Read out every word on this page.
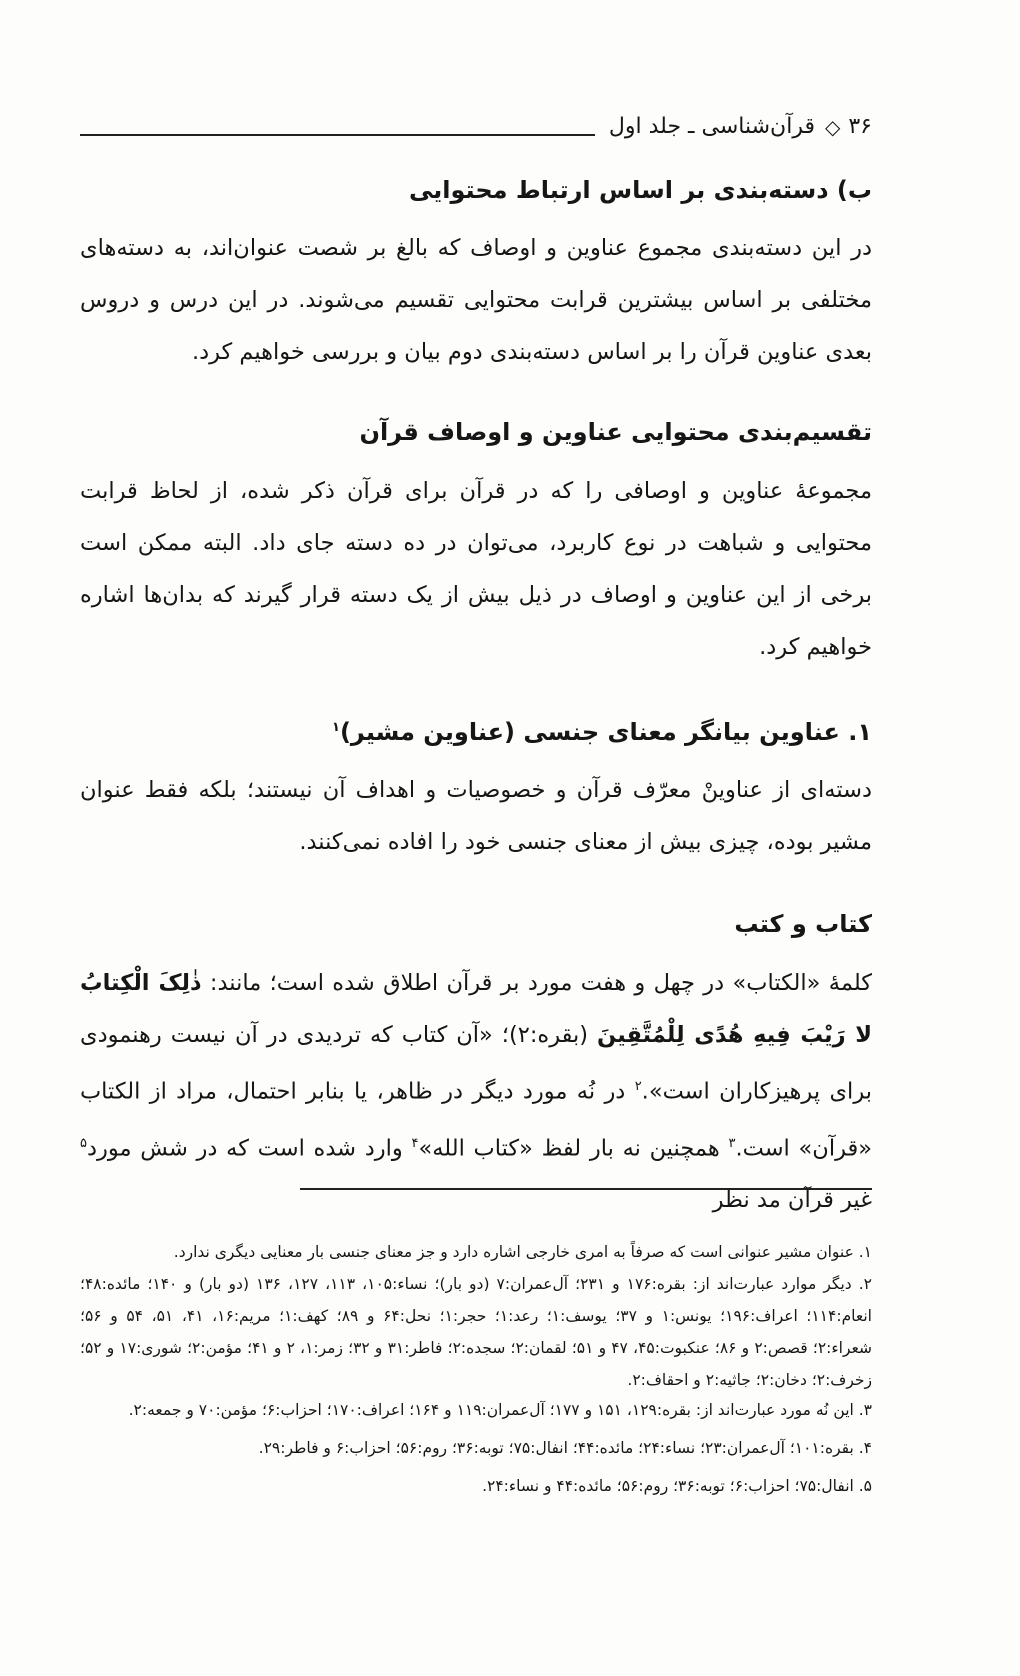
۳۶
◇
قرآن‌شناسی ـ جلد اول
ب) دسته‌بندی بر اساس ارتباط محتوایی
در این دسته‌بندی مجموع عناوین و اوصاف که بالغ بر شصت عنوان‌اند، به دسته‌های مختلفی بر اساس بیشترین قرابت محتوایی تقسیم می‌شوند. در این درس و دروس بعدی عناوین قرآن را بر اساس دسته‌بندی دوم بیان و بررسی خواهیم کرد.
تقسیم‌بندی محتوایی عناوین و اوصاف قرآن
مجموعهٔ عناوین و اوصافی را که در قرآن برای قرآن ذکر شده، از لحاظ قرابت محتوایی و شباهت در نوع کاربرد، می‌توان در ده دسته جای داد. البته ممکن است برخی از این عناوین و اوصاف در ذیل بیش از یک دسته قرار گیرند که بدان‌ها اشاره خواهیم کرد.
۱. عناوین بیانگر معنای جنسی (عناوین مشیر)$^۱$
دسته‌ای از عناوینْ معرّف قرآن و خصوصیات و اهداف آن نیستند؛ بلکه فقط عنوان مشیر بوده، چیزی بیش از معنای جنسی خود را افاده نمی‌کنند.
کتاب و کتب
کلمهٔ «الکتاب» در چهل و هفت مورد بر قرآن اطلاق شده است؛ مانند: ذٰلِکَ الْکِتابُ لا رَیْبَ فِیهِ هُدًی لِلْمُتَّقِینَ (بقره:۲)؛ «آن کتاب که تردیدی در آن نیست رهنمودی برای پرهیزکاران است».$^۲$ در نُه مورد دیگر در ظاهر، یا بنابر احتمال، مراد از الکتاب «قرآن» است.$^۳$ همچنین نه بار لفظ «کتاب الله»$^۴$ وارد شده است که در شش مورد$^۵$ غیر قرآن مد نظر
۱. عنوان مشیر عنوانی است که صرفاً به امری خارجی اشاره دارد و جز معنای جنسی بار معنایی دیگری ندارد.
۲. دیگر موارد عبارت‌اند از: بقره:۱۷۶ و ۲۳۱؛ آل‌عمران:۷ (دو بار)؛ نساء:۱۰۵، ۱۱۳، ۱۲۷، ۱۳۶ (دو بار) و ۱۴۰؛ مائده:۴۸؛ انعام:۱۱۴؛ اعراف:۱۹۶؛ یونس:۱ و ۳۷؛ یوسف:۱؛ رعد:۱؛ حجر:۱؛ نحل:۶۴ و ۸۹؛ کهف:۱؛ مریم:۱۶، ۴۱، ۵۱، ۵۴ و ۵۶؛ شعراء:۲؛ قصص:۲ و ۸۶؛ عنکبوت:۴۵، ۴۷ و ۵۱؛ لقمان:۲؛ سجده:۲؛ فاطر:۳۱ و ۳۲؛ زمر:۱، ۲ و ۴۱؛ مؤمن:۲؛ شوری:۱۷ و ۵۲؛ زخرف:۲؛ دخان:۲؛ جاثیه:۲ و احقاف:۲.
۳. این نُه مورد عبارت‌اند از: بقره:۱۲۹، ۱۵۱ و ۱۷۷؛ آل‌عمران:۱۱۹ و ۱۶۴؛ اعراف:۱۷۰؛ احزاب:۶؛ مؤمن:۷۰ و جمعه:۲.
۴. بقره:۱۰۱؛ آل‌عمران:۲۳؛ نساء:۲۴؛ مائده:۴۴؛ انفال:۷۵؛ توبه:۳۶؛ روم:۵۶؛ احزاب:۶ و فاطر:۲۹.
۵. انفال:۷۵؛ احزاب:۶؛ توبه:۳۶؛ روم:۵۶؛ مائده:۴۴ و نساء:۲۴.
